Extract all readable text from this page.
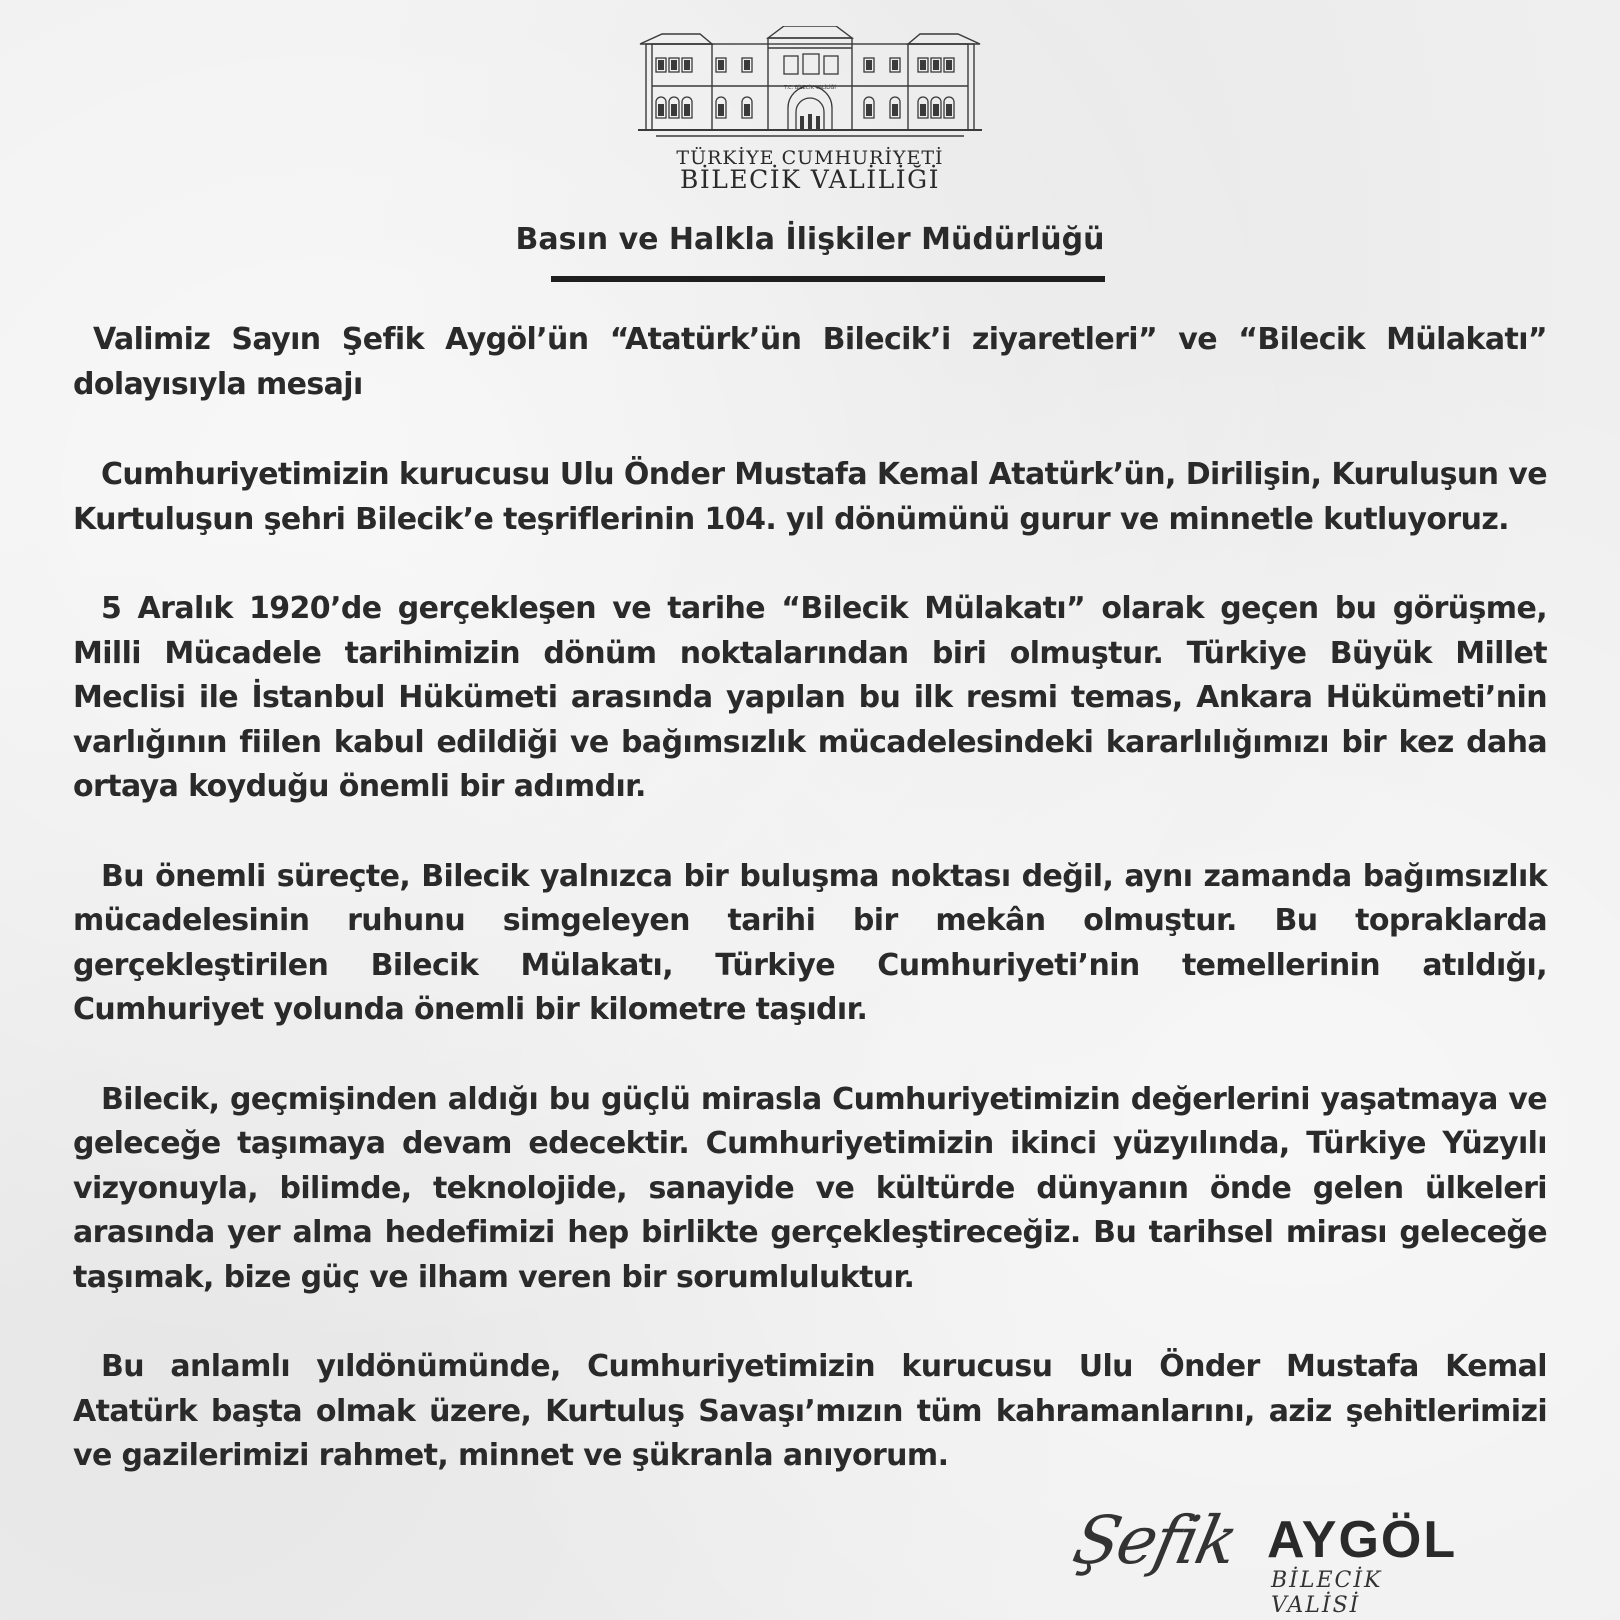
T.C. BİLECİK VALİLİĞİ
TÜRKİYE CUMHURİYETİ
BİLECİK VALİLİĞİ
Basın ve Halkla İlişkiler Müdürlüğü

Valimiz Sayın Şefik Aygöl’ün “Atatürk’ün Bilecik’i ziyaretleri” ve “Bilecik Mülakatı” dolayısıyla mesajı

Cumhuriyetimizin kurucusu Ulu Önder Mustafa Kemal Atatürk’ün, Dirilişin, Kuruluşun ve Kurtuluşun şehri Bilecik’e teşriflerinin 104. yıl dönümünü gurur ve minnetle kutluyoruz.

5 Aralık 1920’de gerçekleşen ve tarihe “Bilecik Mülakatı” olarak geçen bu görüşme, Milli Mücadele tarihimizin dönüm noktalarından biri olmuştur. Türkiye Büyük Millet Meclisi ile İstanbul Hükümeti arasında yapılan bu ilk resmi temas, Ankara Hükümeti’nin varlığının fiilen kabul edildiği ve bağımsızlık mücadelesindeki kararlılığımızı bir kez daha ortaya koyduğu önemli bir adımdır.

Bu önemli süreçte, Bilecik yalnızca bir buluşma noktası değil, aynı zamanda bağımsızlık mücadelesinin ruhunu simgeleyen tarihi bir mekân olmuştur. Bu topraklarda gerçekleştirilen Bilecik Mülakatı, Türkiye Cumhuriyeti’nin temellerinin atıldığı, Cumhuriyet yolunda önemli bir kilometre taşıdır.

Bilecik, geçmişinden aldığı bu güçlü mirasla Cumhuriyetimizin değerlerini yaşatmaya ve geleceğe taşımaya devam edecektir. Cumhuriyetimizin ikinci yüzyılında, Türkiye Yüzyılı vizyonuyla, bilimde, teknolojide, sanayide ve kültürde dünyanın önde gelen ülkeleri arasında yer alma hedefimizi hep birlikte gerçekleştireceğiz. Bu tarihsel mirası geleceğe taşımak, bize güç ve ilham veren bir sorumluluktur.

Bu anlamlı yıldönümünde, Cumhuriyetimizin kurucusu Ulu Önder Mustafa Kemal Atatürk başta olmak üzere, Kurtuluş Savaşı’mızın tüm kahramanlarını, aziz şehitlerimizi ve gazilerimizi rahmet, minnet ve şükranla anıyorum.

Şefik AYGÖL
BİLECİK VALİSİ
